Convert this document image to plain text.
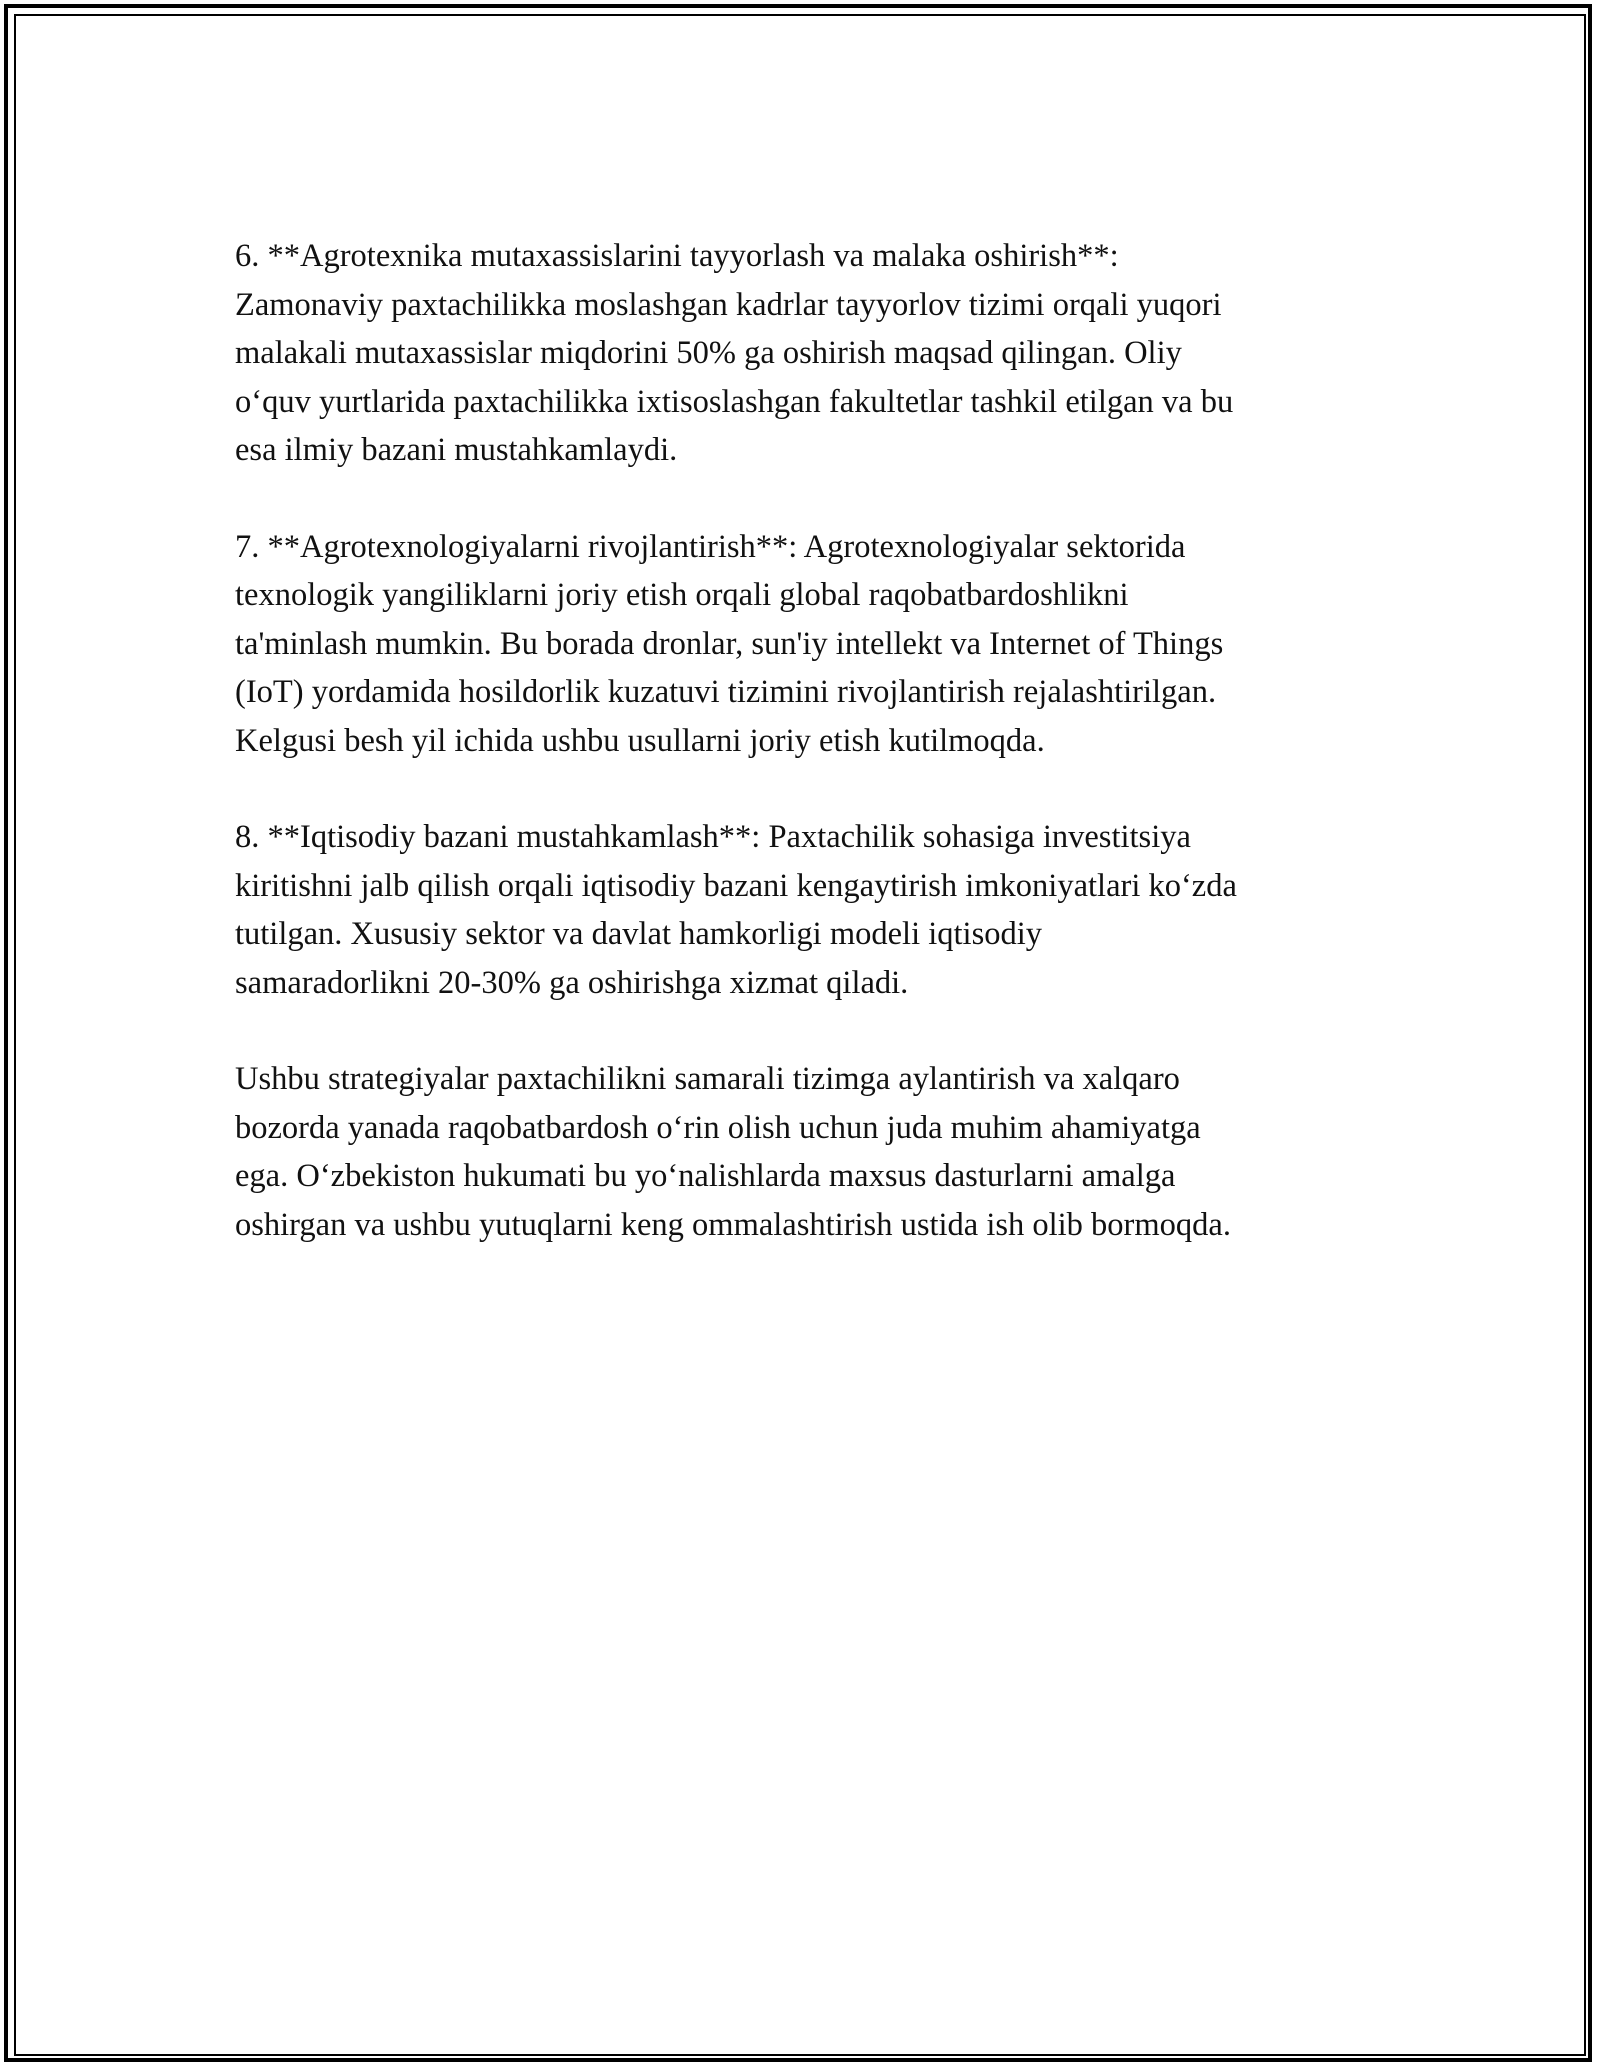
6. **Agrotexnika mutaxassislarini tayyorlash va malaka oshirish**:
Zamonaviy paxtachilikka moslashgan kadrlar tayyorlov tizimi orqali yuqori
malakali mutaxassislar miqdorini 50% ga oshirish maqsad qilingan. Oliy
o‘quv yurtlarida paxtachilikka ixtisoslashgan fakultetlar tashkil etilgan va bu
esa ilmiy bazani mustahkamlaydi.

7. **Agrotexnologiyalarni rivojlantirish**: Agrotexnologiyalar sektorida
texnologik yangiliklarni joriy etish orqali global raqobatbardoshlikni
ta'minlash mumkin. Bu borada dronlar, sun'iy intellekt va Internet of Things
(IoT) yordamida hosildorlik kuzatuvi tizimini rivojlantirish rejalashtirilgan.
Kelgusi besh yil ichida ushbu usullarni joriy etish kutilmoqda.

8. **Iqtisodiy bazani mustahkamlash**: Paxtachilik sohasiga investitsiya
kiritishni jalb qilish orqali iqtisodiy bazani kengaytirish imkoniyatlari ko‘zda
tutilgan. Xususiy sektor va davlat hamkorligi modeli iqtisodiy
samaradorlikni 20-30% ga oshirishga xizmat qiladi.

Ushbu strategiyalar paxtachilikni samarali tizimga aylantirish va xalqaro
bozorda yanada raqobatbardosh o‘rin olish uchun juda muhim ahamiyatga
ega. O‘zbekiston hukumati bu yo‘nalishlarda maxsus dasturlarni amalga
oshirgan va ushbu yutuqlarni keng ommalashtirish ustida ish olib bormoqda.
